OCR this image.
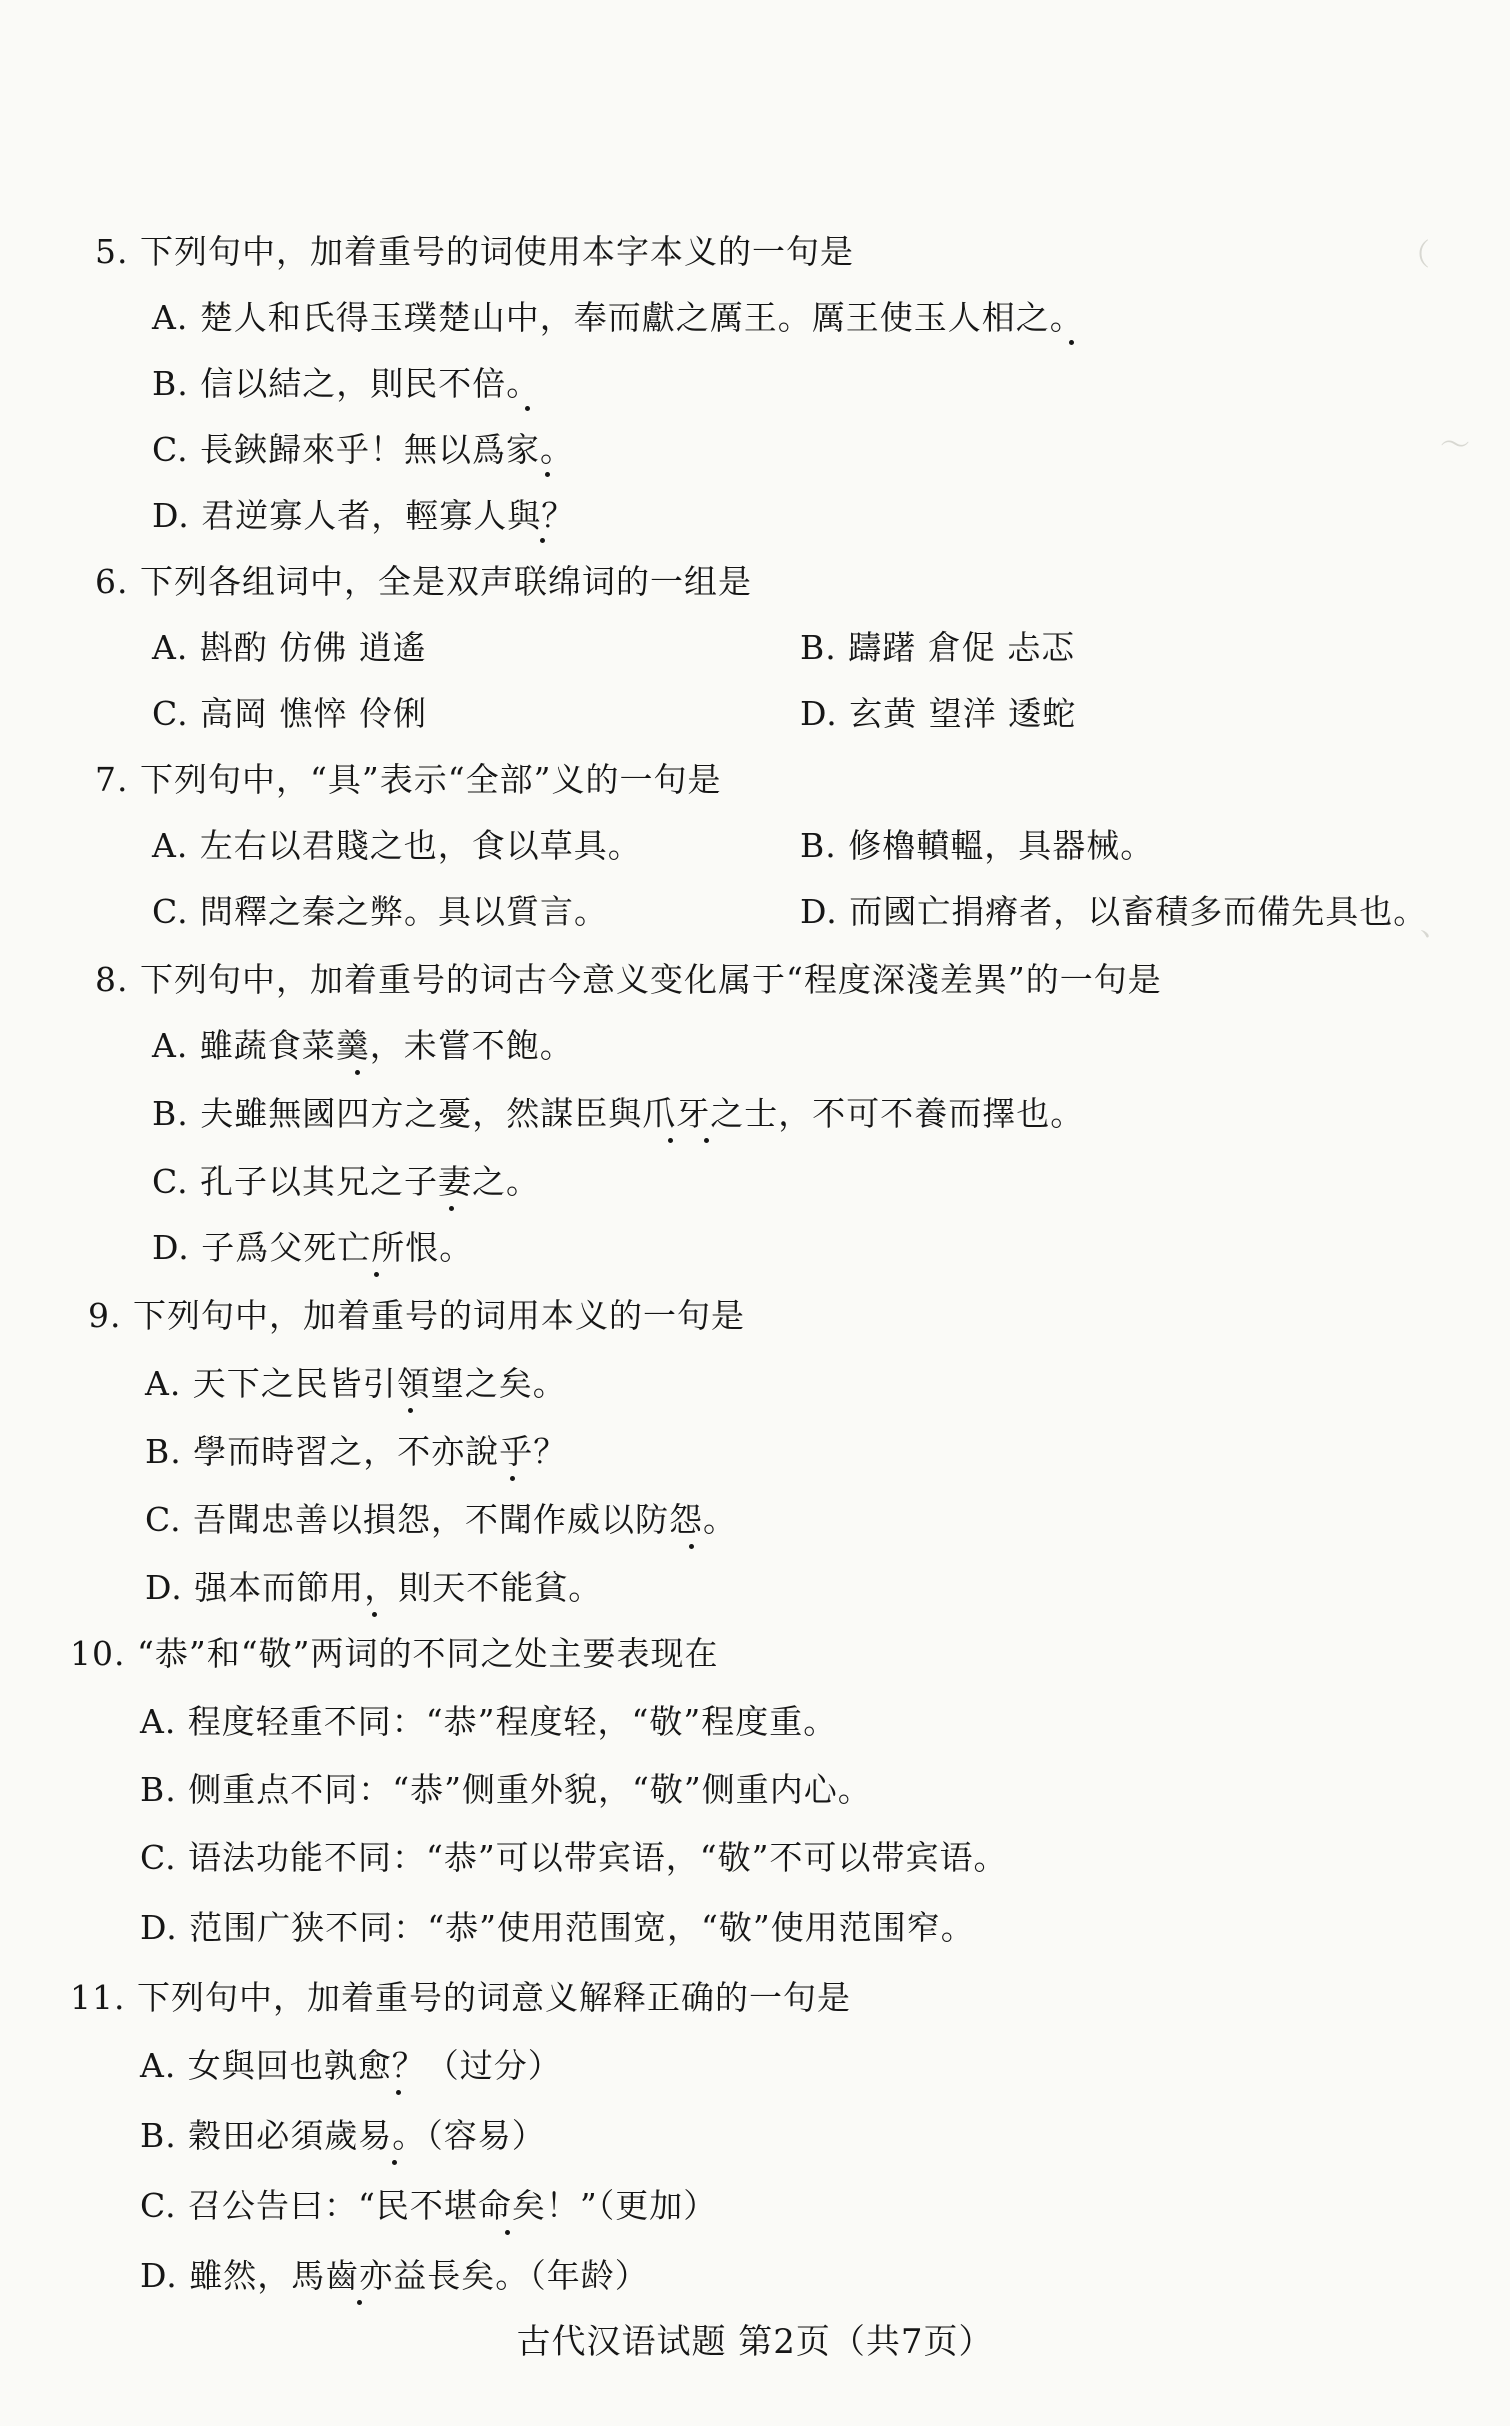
（
～
、
5. 下列句中，加着重号的词使用本字本义的一句是
A. 楚人和氏得玉璞楚山中，奉而獻之厲王。厲王使玉人相之。
B. 信以結之，則民不倍。
C. 長鋏歸來乎！無以爲家。
D. 君逆寡人者，輕寡人與？
6. 下列各组词中，全是双声联绵词的一组是
A. 斟酌 仿佛 逍遙	B. 躊躇 倉促 忐忑
C. 高岡 憔悴 伶俐	D. 玄黄 望洋 逶蛇
7. 下列句中，“具”表示“全部”义的一句是
A. 左右以君賤之也，食以草具。	B. 修櫓轒轀，具器械。
C. 問釋之秦之弊。具以質言。	D. 而國亡捐瘠者，以畜積多而備先具也。
8. 下列句中，加着重号的词古今意义变化属于“程度深淺差異”的一句是
A. 雖蔬食菜羹，未嘗不飽。
B. 夫雖無國四方之憂，然謀臣與爪牙之士，不可不養而擇也。
C. 孔子以其兄之子妻之。
D. 子爲父死亡所恨。
9. 下列句中，加着重号的词用本义的一句是
A. 天下之民皆引領望之矣。
B. 學而時習之，不亦說乎？
C. 吾聞忠善以損怨，不聞作威以防怨。
D. 强本而節用，則天不能貧。
10. “恭”和“敬”两词的不同之处主要表现在
A. 程度轻重不同：“恭”程度轻，“敬”程度重。
B. 侧重点不同：“恭”侧重外貌，“敬”侧重内心。
C. 语法功能不同：“恭”可以带宾语，“敬”不可以带宾语。
D. 范围广狭不同：“恭”使用范围宽，“敬”使用范围窄。
11. 下列句中，加着重号的词意义解释正确的一句是
A. 女與回也孰愈？（过分）
B. 穀田必須歲易。（容易）
C. 召公告曰：“民不堪命矣！”（更加）
D. 雖然，馬齒亦益長矣。（年龄）
古代汉语试题 第2页（共7页）
